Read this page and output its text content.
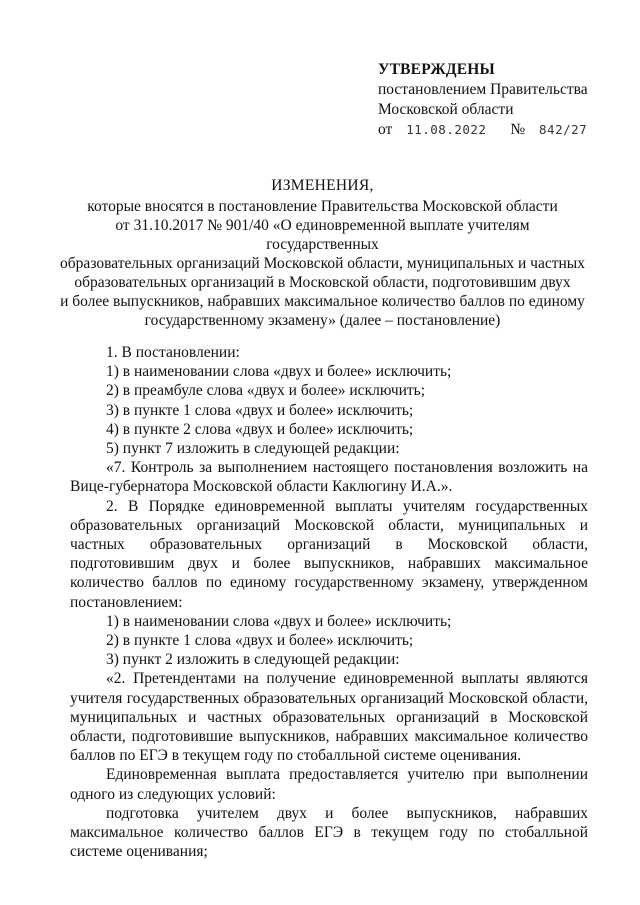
УТВЕРЖДЕНЫ
постановлением Правительства
Московской области
от 11.08.2022 № 842/27
ИЗМЕНЕНИЯ,
которые вносятся в постановление Правительства Московской области
от 31.10.2017 № 901/40 «О единовременной выплате учителям государственных
образовательных организаций Московской области, муниципальных и частных
образовательных организаций в Московской области, подготовившим двух
и более выпускников, набравших максимальное количество баллов по единому
государственному экзамену» (далее – постановление)

1. В постановлении:

1) в наименовании слова «двух и более» исключить;

2) в преамбуле слова «двух и более» исключить;

3) в пункте 1 слова «двух и более» исключить;

4) в пункте 2 слова «двух и более» исключить;

5) пункт 7 изложить в следующей редакции:

«7. Контроль за выполнением настоящего постановления возложить на Вице-губернатора Московской области Каклюгину И.А.».

2. В Порядке единовременной выплаты учителям государственных образовательных организаций Московской области, муниципальных и частных образовательных организаций в Московской области, подготовившим двух и более выпускников, набравших максимальное количество баллов по единому государственному экзамену, утвержденном постановлением:

1) в наименовании слова «двух и более» исключить;

2) в пункте 1 слова «двух и более» исключить;

3) пункт 2 изложить в следующей редакции:

«2. Претендентами на получение единовременной выплаты являются учителя государственных образовательных организаций Московской области, муниципальных и частных образовательных организаций в Московской области, подготовившие выпускников, набравших максимальное количество баллов по ЕГЭ в текущем году по стобалльной системе оценивания.

Единовременная выплата предоставляется учителю при выполнении одного из следующих условий:

подготовка учителем двух и более выпускников, набравших максимальное количество баллов ЕГЭ в текущем году по стобалльной системе оценивания;
